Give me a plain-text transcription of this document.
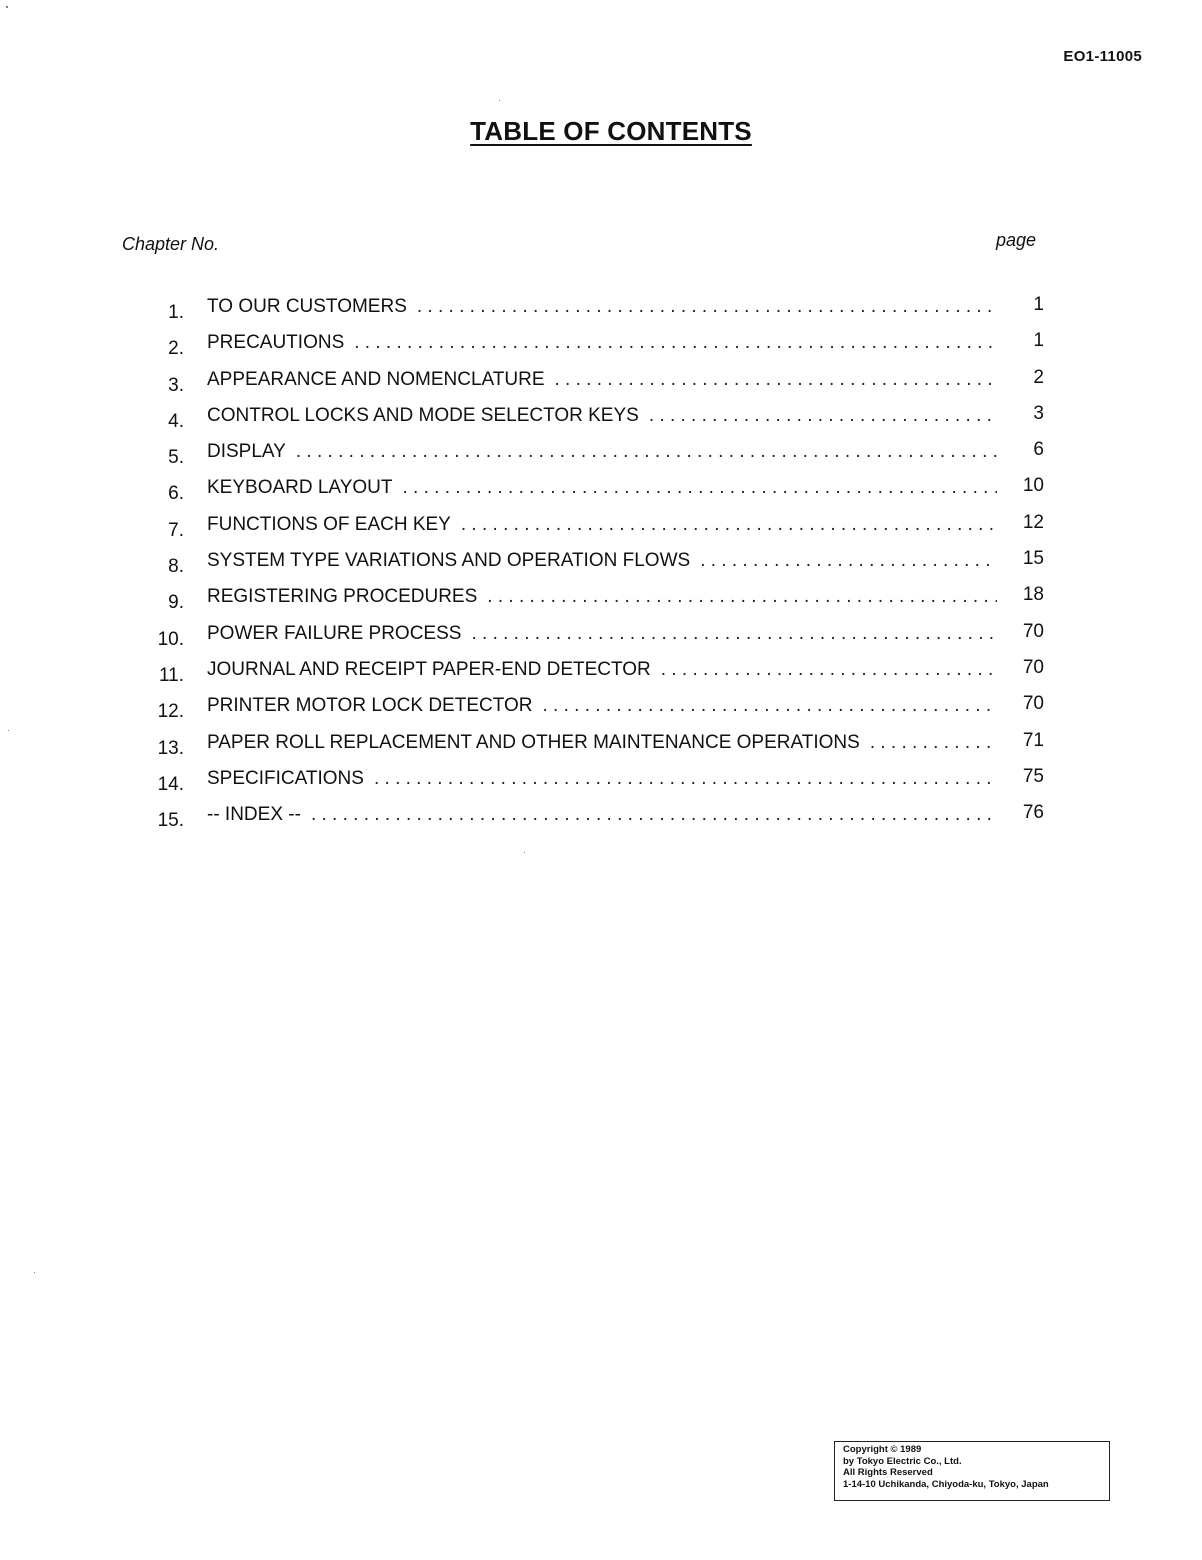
EO1-11005
TABLE OF CONTENTS
Chapter No.	page
1. TO OUR CUSTOMERS . . .	1
2. PRECAUTIONS . . .	1
3. APPEARANCE AND NOMENCLATURE . . .	2
4. CONTROL LOCKS AND MODE SELECTOR KEYS . . .	3
5. DISPLAY . . .	6
6. KEYBOARD LAYOUT . . .	10
7. FUNCTIONS OF EACH KEY . . .	12
8. SYSTEM TYPE VARIATIONS AND OPERATION FLOWS . . .	15
9. REGISTERING PROCEDURES . . .	18
10. POWER FAILURE PROCESS . . .	70
11. JOURNAL AND RECEIPT PAPER-END DETECTOR . . .	70
12. PRINTER MOTOR LOCK DETECTOR . . .	70
13. PAPER ROLL REPLACEMENT AND OTHER MAINTENANCE OPERATIONS . . .	71
14. SPECIFICATIONS . . .	75
15. -- INDEX -- . . .	76
Copyright © 1989
by Tokyo Electric Co., Ltd.
All Rights Reserved
1-14-10 Uchikanda, Chiyoda-ku, Tokyo, Japan
